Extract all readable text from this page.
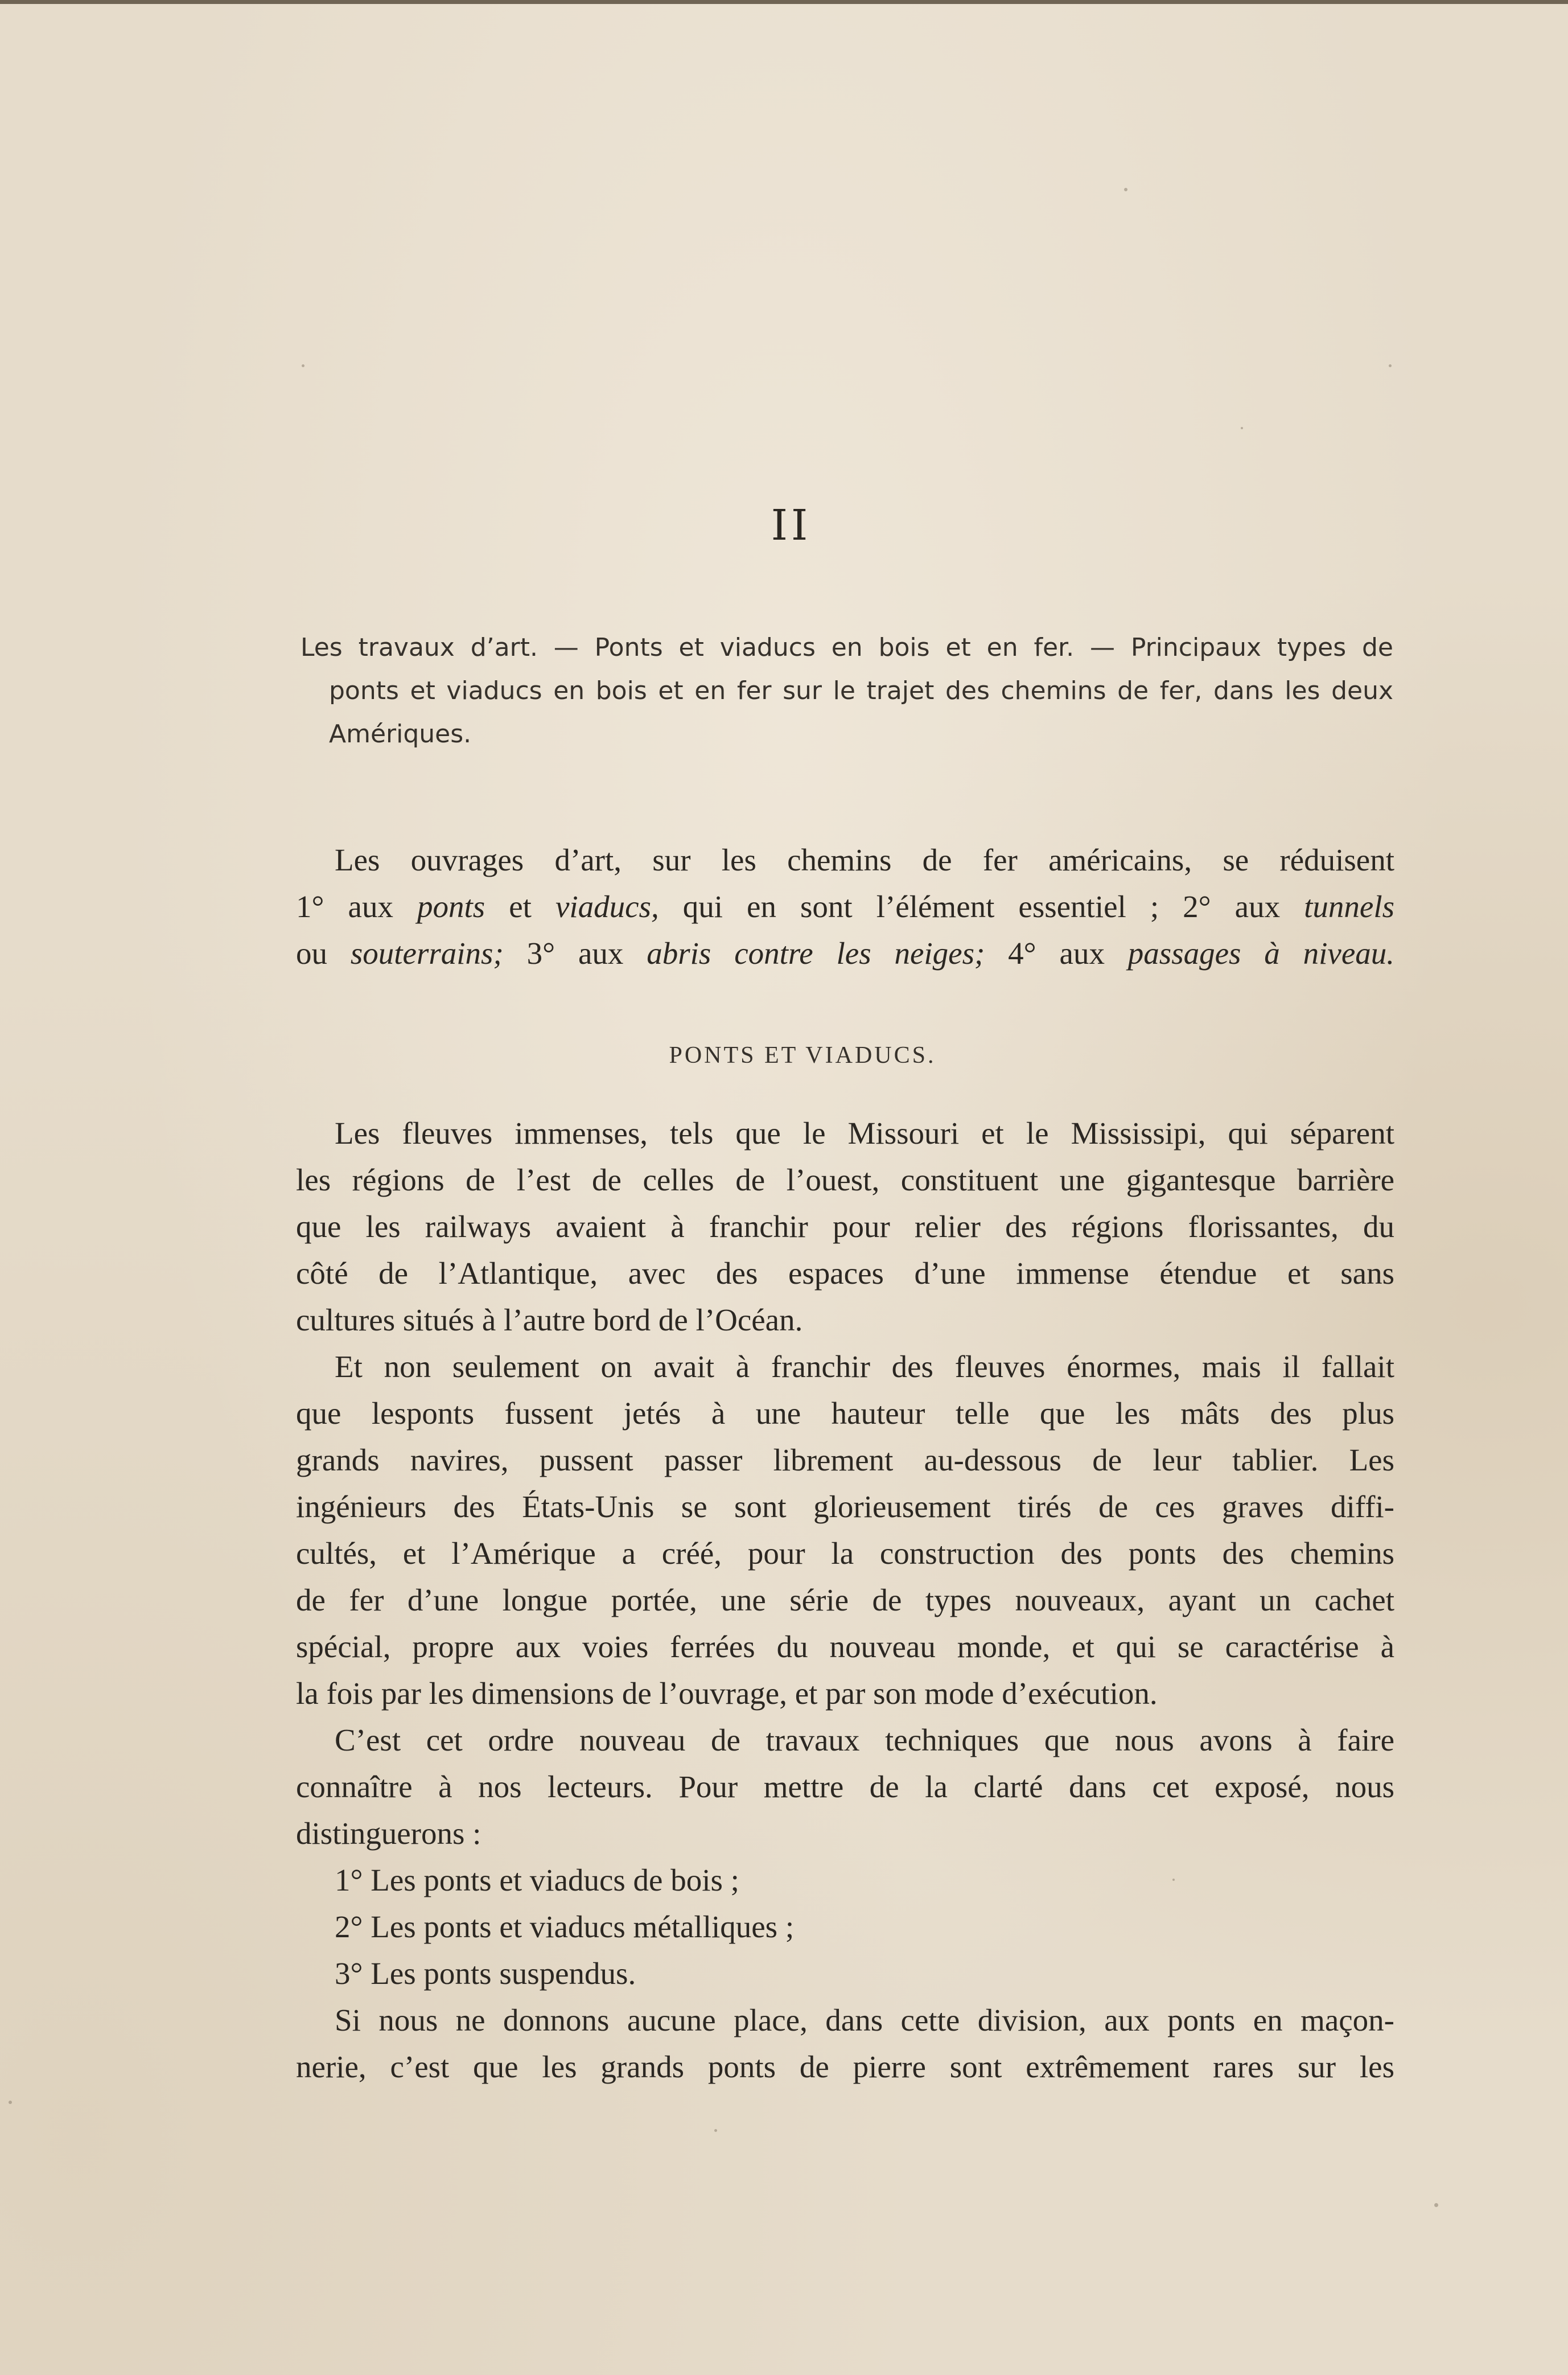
II

Les travaux d’art. — Ponts et viaducs en bois et en fer. — Principaux types de

ponts et viaducs en bois et en fer sur le trajet des chemins de fer, dans les deux

Amériques.

Les ouvrages d’art, sur les chemins de fer américains, se réduisent
1° aux ponts et viaducs, qui en sont l’élément essentiel ; 2° aux tunnels
ou souterrains; 3° aux abris contre les neiges; 4° aux passages à niveau.
PONTS ET VIADUCS.
Les fleuves immenses, tels que le Missouri et le Mississipi, qui séparent
les régions de l’est de celles de l’ouest, constituent une gigantesque barrière
que les railways avaient à franchir pour relier des régions florissantes, du
côté de l’Atlantique, avec des espaces d’une immense étendue et sans
cultures situés à l’autre bord de l’Océan.
Et non seulement on avait à franchir des fleuves énormes, mais il fallait
que lesponts fussent jetés à une hauteur telle que les mâts des plus
grands navires, pussent passer librement au-dessous de leur tablier. Les
ingénieurs des États-Unis se sont glorieusement tirés de ces graves diffi-
cultés, et l’Amérique a créé, pour la construction des ponts des chemins
de fer d’une longue portée, une série de types nouveaux, ayant un cachet
spécial, propre aux voies ferrées du nouveau monde, et qui se caractérise à
la fois par les dimensions de l’ouvrage, et par son mode d’exécution.
C’est cet ordre nouveau de travaux techniques que nous avons à faire
connaître à nos lecteurs. Pour mettre de la clarté dans cet exposé, nous
distinguerons :
1° Les ponts et viaducs de bois ;
2° Les ponts et viaducs métalliques ;
3° Les ponts suspendus.
Si nous ne donnons aucune place, dans cette division, aux ponts en maçon-
nerie, c’est que les grands ponts de pierre sont extrêmement rares sur les
